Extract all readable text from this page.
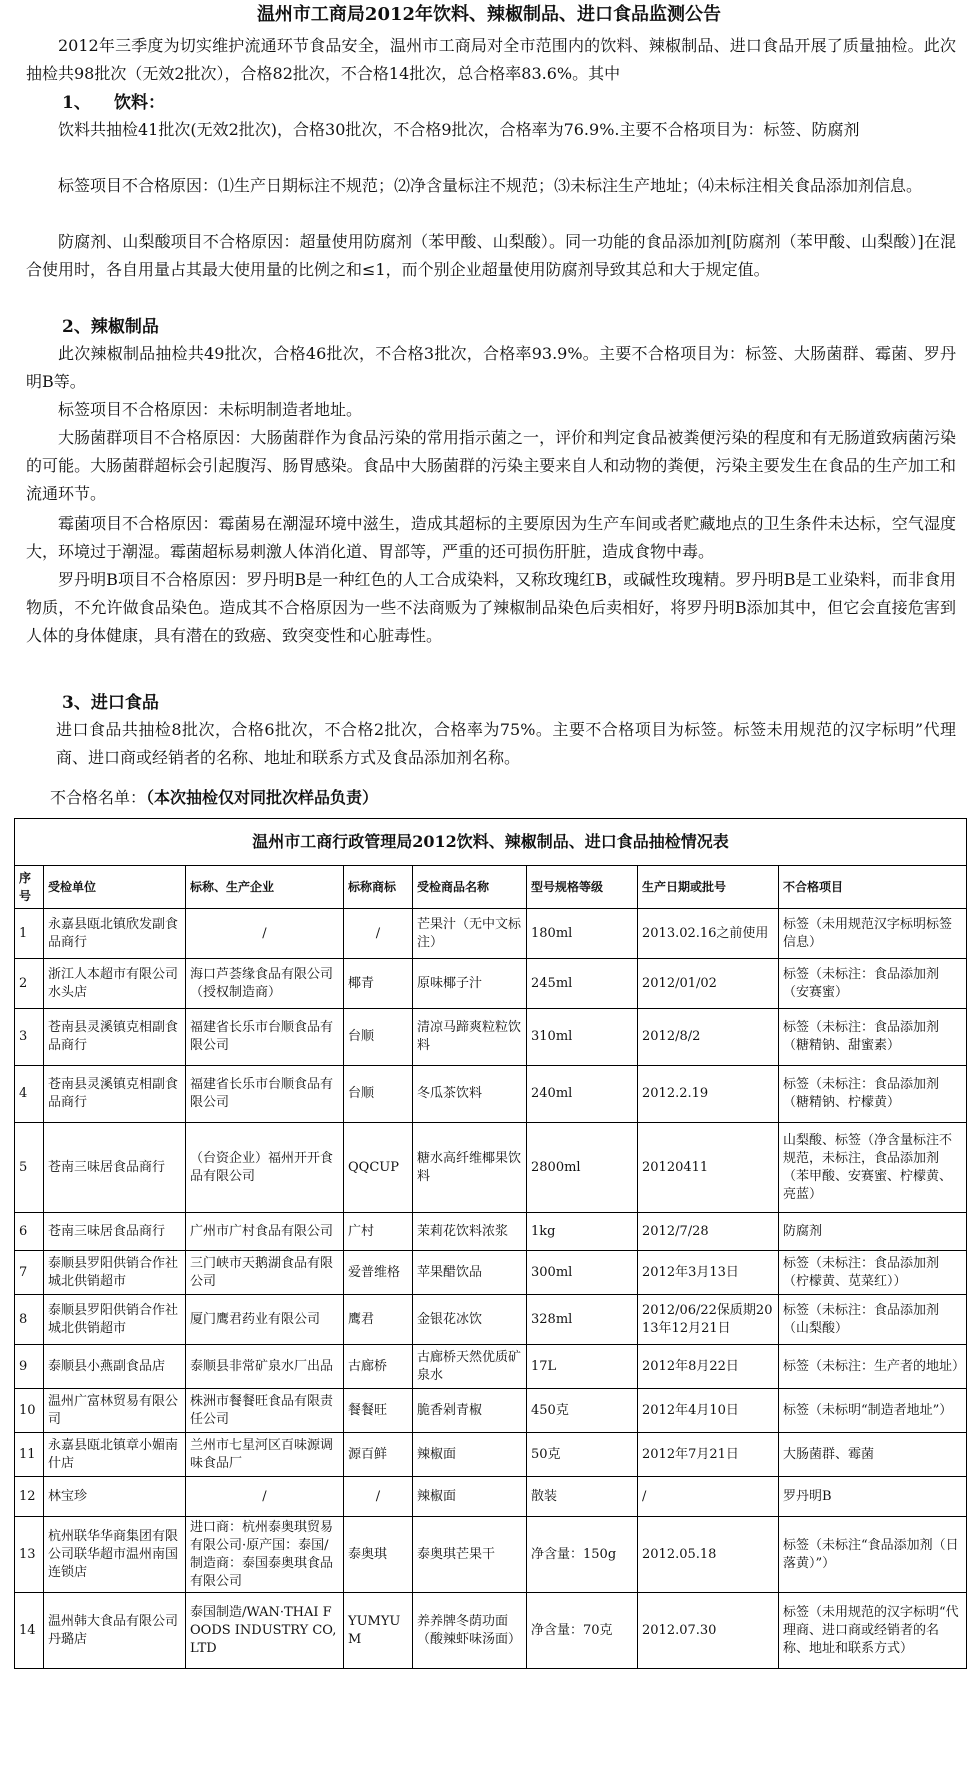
温州市工商局2012年饮料、辣椒制品、进口食品监测公告
2012年三季度为切实维护流通环节食品安全，温州市工商局对全市范围内的饮料、辣椒制品、进口食品开展了质量抽检。此次抽检共98批次（无效2批次），合格82批次，不合格14批次，总合格率83.6%。其中
1、 饮料：
饮料共抽检41批次(无效2批次)，合格30批次，不合格9批次，合格率为76.9%.主要不合格项目为：标签、防腐剂
标签项目不合格原因：⑴生产日期标注不规范；⑵净含量标注不规范；⑶未标注生产地址；⑷未标注相关食品添加剂信息。
防腐剂、山梨酸项目不合格原因：超量使用防腐剂（苯甲酸、山梨酸）。同一功能的食品添加剂[防腐剂（苯甲酸、山梨酸）]在混合使用时，各自用量占其最大使用量的比例之和≤1，而个别企业超量使用防腐剂导致其总和大于规定值。
2、辣椒制品
此次辣椒制品抽检共49批次，合格46批次，不合格3批次，合格率93.9%。主要不合格项目为：标签、大肠菌群、霉菌、罗丹明B等。
标签项目不合格原因：未标明制造者地址。
大肠菌群项目不合格原因：大肠菌群作为食品污染的常用指示菌之一，评价和判定食品被粪便污染的程度和有无肠道致病菌污染的可能。大肠菌群超标会引起腹泻、肠胃感染。食品中大肠菌群的污染主要来自人和动物的粪便，污染主要发生在食品的生产加工和流通环节。
霉菌项目不合格原因：霉菌易在潮湿环境中滋生，造成其超标的主要原因为生产车间或者贮藏地点的卫生条件未达标，空气湿度大，环境过于潮湿。霉菌超标易刺激人体消化道、胃部等，严重的还可损伤肝脏，造成食物中毒。
罗丹明B项目不合格原因：罗丹明B是一种红色的人工合成染料，又称玫瑰红B，或碱性玫瑰精。罗丹明B是工业染料，而非食用物质，不允许做食品染色。造成其不合格原因为一些不法商贩为了辣椒制品染色后卖相好，将罗丹明B添加其中，但它会直接危害到人体的身体健康，具有潜在的致癌、致突变性和心脏毒性。
3、进口食品
进口食品共抽检8批次，合格6批次，不合格2批次，合格率为75%。主要不合格项目为标签。标签未用规范的汉字标明”代理商、进口商或经销者的名称、地址和联系方式及食品添加剂名称。
不合格名单：（本次抽检仅对同批次样品负责）
温州市工商行政管理局2012饮料、辣椒制品、进口食品抽检情况表							
序号	受检单位	标称、生产企业	标称商标	受检商品名称	型号规格等级	生产日期或批号	不合格项目
1	永嘉县瓯北镇欣发副食品商行	/	/	芒果汁（无中文标注）	180ml	2013.02.16之前使用	标签（未用规范汉字标明标签信息）
2	浙江人本超市有限公司水头店	海口芦荟缘食品有限公司（授权制造商）	椰青	原味椰子汁	245ml	2012/01/02	标签（未标注：食品添加剂（安赛蜜）
3	苍南县灵溪镇克相副食品商行	福建省长乐市台顺食品有限公司	台顺	清凉马蹄爽粒粒饮料	310ml	2012/8/2	标签（未标注：食品添加剂（糖精钠、甜蜜素）
4	苍南县灵溪镇克相副食品商行	福建省长乐市台顺食品有限公司	台顺	冬瓜茶饮料	240ml	2012.2.19	标签（未标注：食品添加剂（糖精钠、柠檬黄）
5	苍南三味居食品商行	（台资企业）福州开开食品有限公司	QQCUP	糖水高纤维椰果饮料	2800ml	20120411	山梨酸、标签（净含量标注不规范，未标注，食品添加剂（苯甲酸、安赛蜜、柠檬黄、亮蓝）
6	苍南三味居食品商行	广州市广村食品有限公司	广村	茉莉花饮料浓浆	1kg	2012/7/28	防腐剂
7	泰顺县罗阳供销合作社城北供销超市	三门峡市天鹅湖食品有限公司	爱普维格	苹果醋饮品	300ml	2012年3月13日	标签（未标注：食品添加剂（柠檬黄、苋菜红））
8	泰顺县罗阳供销合作社城北供销超市	厦门鹰君药业有限公司	鹰君	金银花冰饮	328ml	2012/06/22保质期2013年12月21日	标签（未标注：食品添加剂（山梨酸）
9	泰顺县小燕副食品店	泰顺县非常矿泉水厂出品	古廊桥	古廊桥天然优质矿泉水	17L	2012年8月22日	标签（未标注：生产者的地址）
10	温州广富林贸易有限公司	株洲市餐餐旺食品有限责任公司	餐餐旺	脆香剁青椒	450克	2012年4月10日	标签（未标明“制造者地址”）
11	永嘉县瓯北镇章小媚南什店	兰州市七星河区百味源调味食品厂	源百鲜	辣椒面	50克	2012年7月21日	大肠菌群、霉菌
12	林宝珍	/	/	辣椒面	散装	/	罗丹明B
13	杭州联华华商集团有限公司联华超市温州南国连锁店	进口商：杭州泰奥琪贸易有限公司·原产国：泰国/制造商：泰国泰奥琪食品有限公司	泰奥琪	泰奥琪芒果干	净含量：150g	2012.05.18	标签（未标注“食品添加剂（日落黄）”）
14	温州韩大食品有限公司丹璐店	泰国制造/WAN·THAI FOODS INDUSTRY CO,LTD	YUMYUM	养养牌冬荫功面（酸辣虾味汤面）	净含量：70克	2012.07.30	标签（未用规范的汉字标明“代理商、进口商或经销者的名称、地址和联系方式）
